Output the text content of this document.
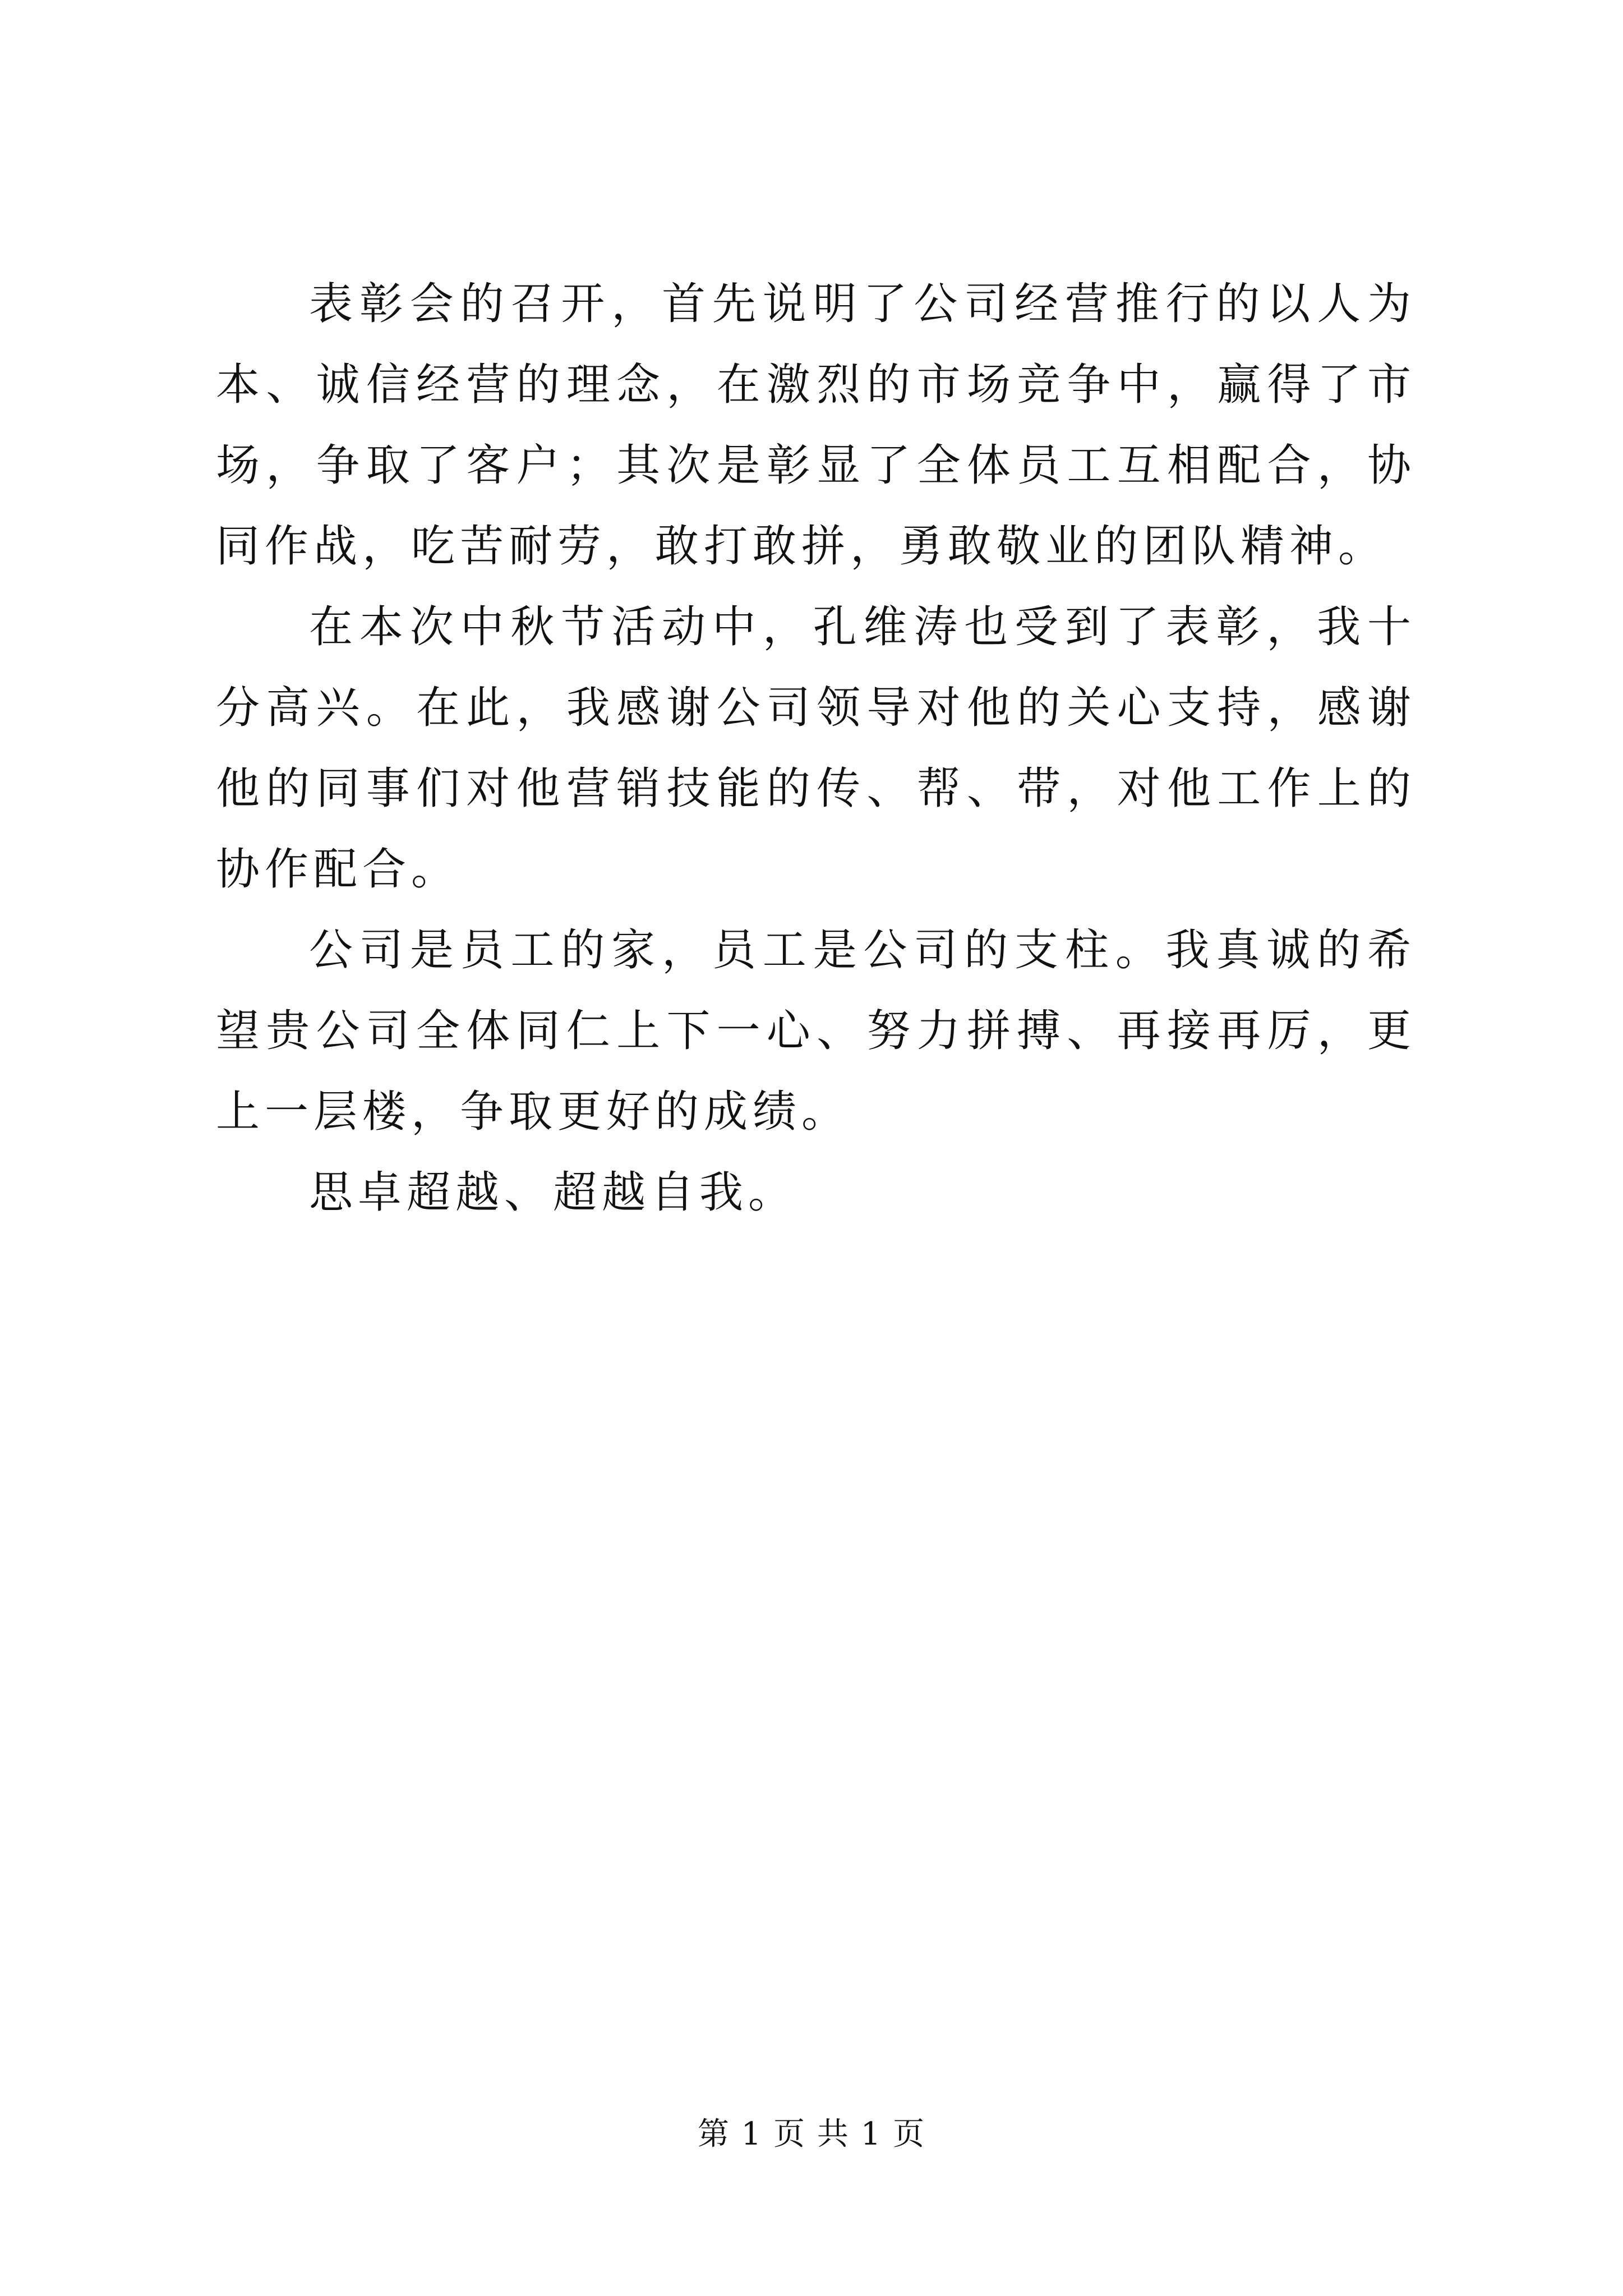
表彰会的召开，首先说明了公司经营推行的以人为本、诚信经营的理念，在激烈的市场竞争中，赢得了市场，争取了客户；其次是彰显了全体员工互相配合，协同作战，吃苦耐劳，敢打敢拼，勇敢敬业的团队精神。

在本次中秋节活动中，孔维涛也受到了表彰，我十分高兴。在此，我感谢公司领导对他的关心支持，感谢他的同事们对他营销技能的传、帮、带，对他工作上的协作配合。

公司是员工的家，员工是公司的支柱。我真诚的希望贵公司全体同仁上下一心、努力拼搏、再接再厉，更上一层楼，争取更好的成绩。

思卓超越、超越自我。

第 1 页 共 1 页
